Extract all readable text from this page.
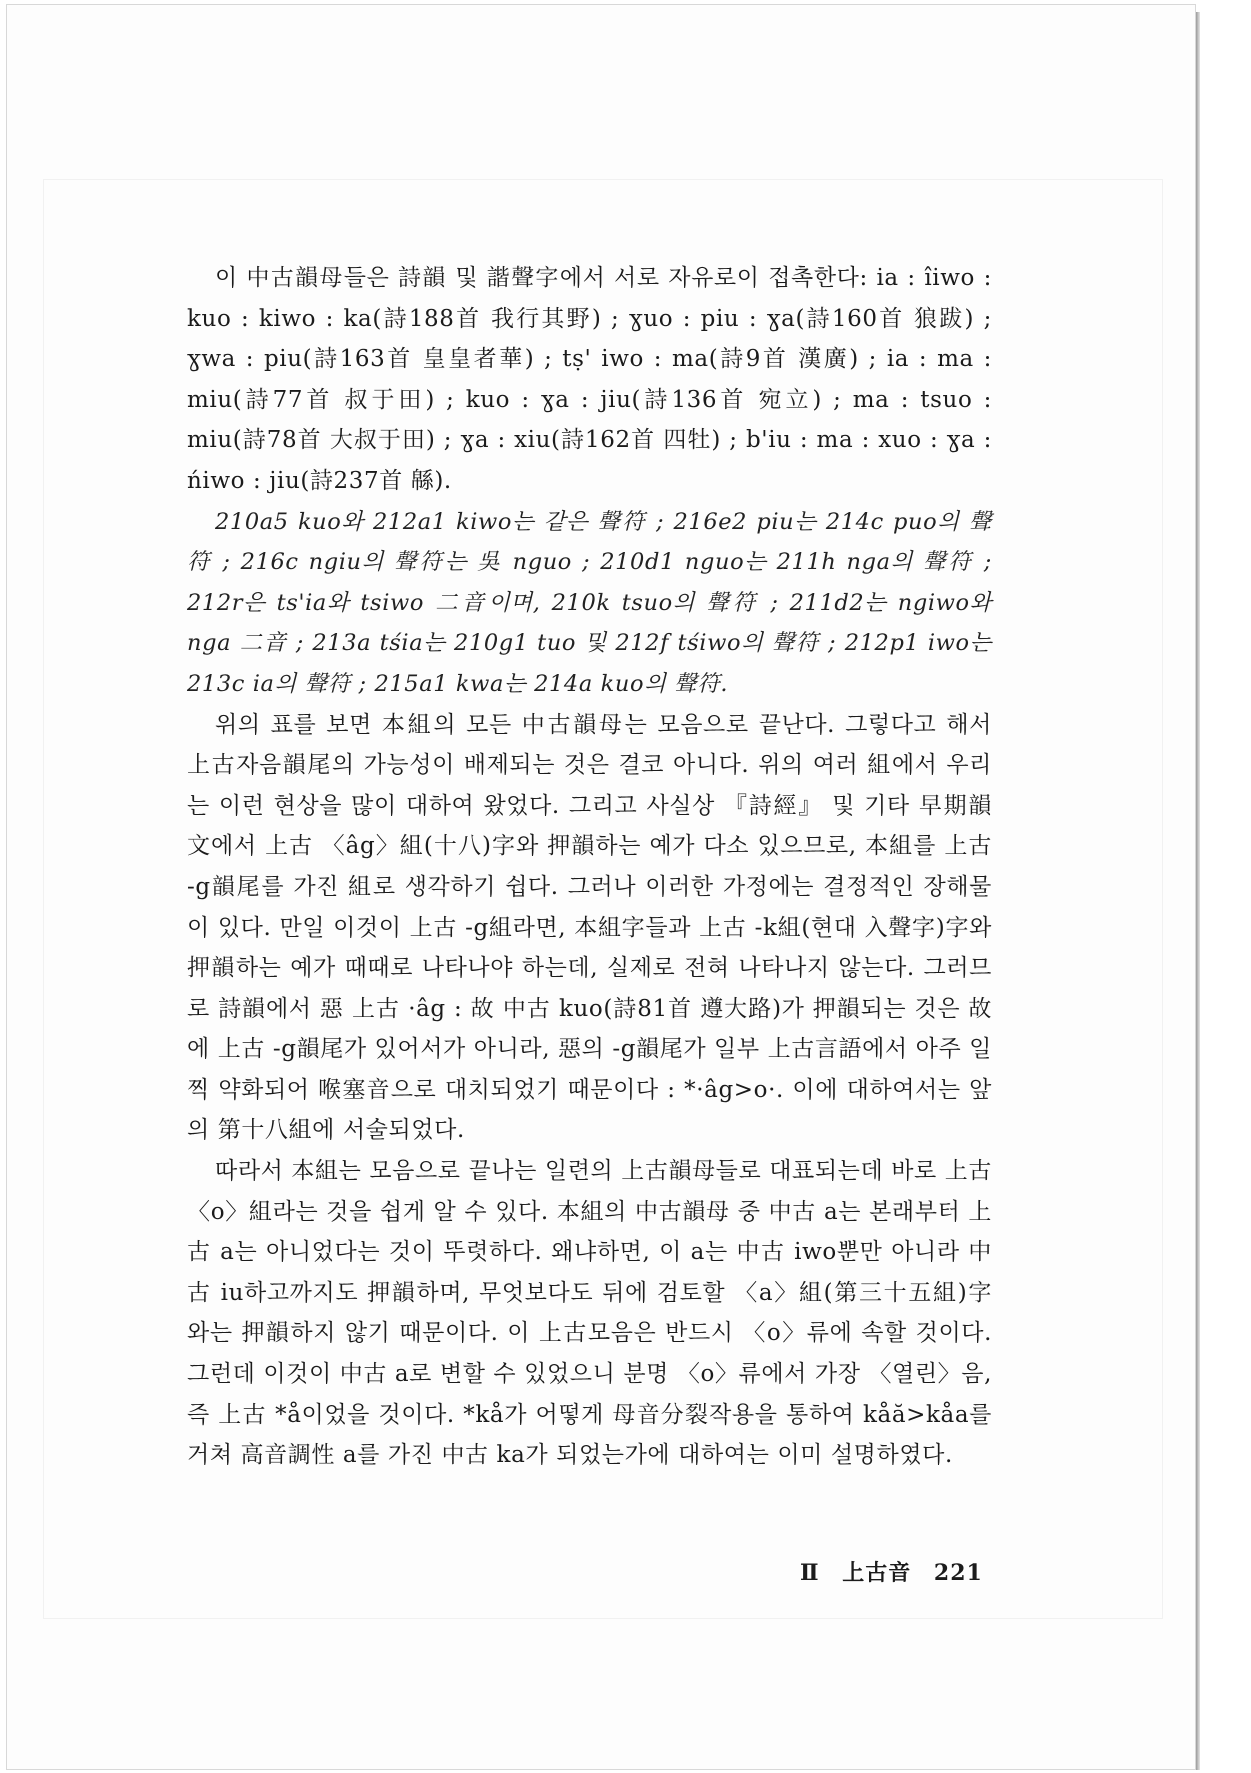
이 中古韻母들은 詩韻 및 諧聲字에서 서로 자유로이 접촉한다: ia : îiwo : kuo : kiwo : ka(詩188首 我行其野) ; ɣuo : piu : ɣa(詩160首 狼跋) ; ɣwa : piu(詩163首 皇皇者華) ; tṣ' iwo : ma(詩9首 漢廣) ; ia : ma : miu(詩77首 叔于田) ; kuo : ɣa : jiu(詩136首 宛立) ; ma : tsuo : miu(詩78首 大叔于田) ; ɣa : xiu(詩162首 四牡) ; b'iu : ma : xuo : ɣa : ńiwo : jiu(詩237首 緜).

210a5 kuo와 212a1 kiwo는 같은 聲符 ; 216e2 piu는 214c puo의 聲符 ; 216c ngiu의 聲符는 吳 nguo ; 210d1 nguo는 211h nga의 聲符 ; 212r은 ts'ia와 tsiwo 二音이며, 210k tsuo의 聲符 ; 211d2는 ngiwo와 nga 二音 ; 213a tśia는 210g1 tuo 및 212f tśiwo의 聲符 ; 212p1 iwo는 213c ia의 聲符 ; 215a1 kwa는 214a kuo의 聲符.

위의 표를 보면 本組의 모든 中古韻母는 모음으로 끝난다. 그렇다고 해서 上古자음韻尾의 가능성이 배제되는 것은 결코 아니다. 위의 여러 組에서 우리는 이런 현상을 많이 대하여 왔었다. 그리고 사실상 『詩經』 및 기타 早期韻文에서 上古 〈âg〉組(十八)字와 押韻하는 예가 다소 있으므로, 本組를 上古 -g韻尾를 가진 組로 생각하기 쉽다. 그러나 이러한 가정에는 결정적인 장해물이 있다. 만일 이것이 上古 -g組라면, 本組字들과 上古 -k組(현대 入聲字)字와 押韻하는 예가 때때로 나타나야 하는데, 실제로 전혀 나타나지 않는다. 그러므로 詩韻에서 惡 上古 ·âg : 故 中古 kuo(詩81首 遵大路)가 押韻되는 것은 故에 上古 -g韻尾가 있어서가 아니라, 惡의 -g韻尾가 일부 上古言語에서 아주 일찍 약화되어 喉塞音으로 대치되었기 때문이다 : *·âg>o·. 이에 대하여서는 앞의 第十八組에 서술되었다.

따라서 本組는 모음으로 끝나는 일련의 上古韻母들로 대표되는데 바로 上古〈o〉組라는 것을 쉽게 알 수 있다. 本組의 中古韻母 중 中古 a는 본래부터 上古 a는 아니었다는 것이 뚜렷하다. 왜냐하면, 이 a는 中古 iwo뿐만 아니라 中古 iu하고까지도 押韻하며, 무엇보다도 뒤에 검토할 〈a〉組(第三十五組)字와는 押韻하지 않기 때문이다. 이 上古모음은 반드시 〈o〉류에 속할 것이다. 그런데 이것이 中古 a로 변할 수 있었으니 분명 〈o〉류에서 가장 〈열린〉음, 즉 上古 *å이었을 것이다. *kå가 어떻게 母音分裂작용을 통하여 kåă>kåa를 거쳐 高音調性 a를 가진 中古 ka가 되었는가에 대하여는 이미 설명하였다.

Ⅱ 上古音 221
